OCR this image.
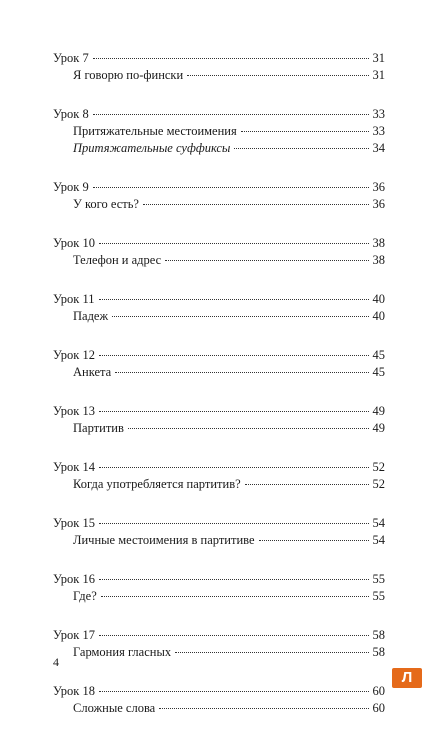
Урок 7	31
Я говорю по-фински	31
Урок 8	33
Притяжательные местоимения	33
Притяжательные суффиксы	34
Урок 9	36
У кого есть?	36
Урок 10	38
Телефон и адрес	38
Урок 11	40
Падеж	40
Урок 12	45
Анкета	45
Урок 13	49
Партитив	49
Урок 14	52
Когда употребляется партитив?	52
Урок 15	54
Личные местоимения в партитиве	54
Урок 16	55
Где?	55
Урок 17	58
Гармония гласных	58
Урок 18	60
Сложные слова	60
4
Л
